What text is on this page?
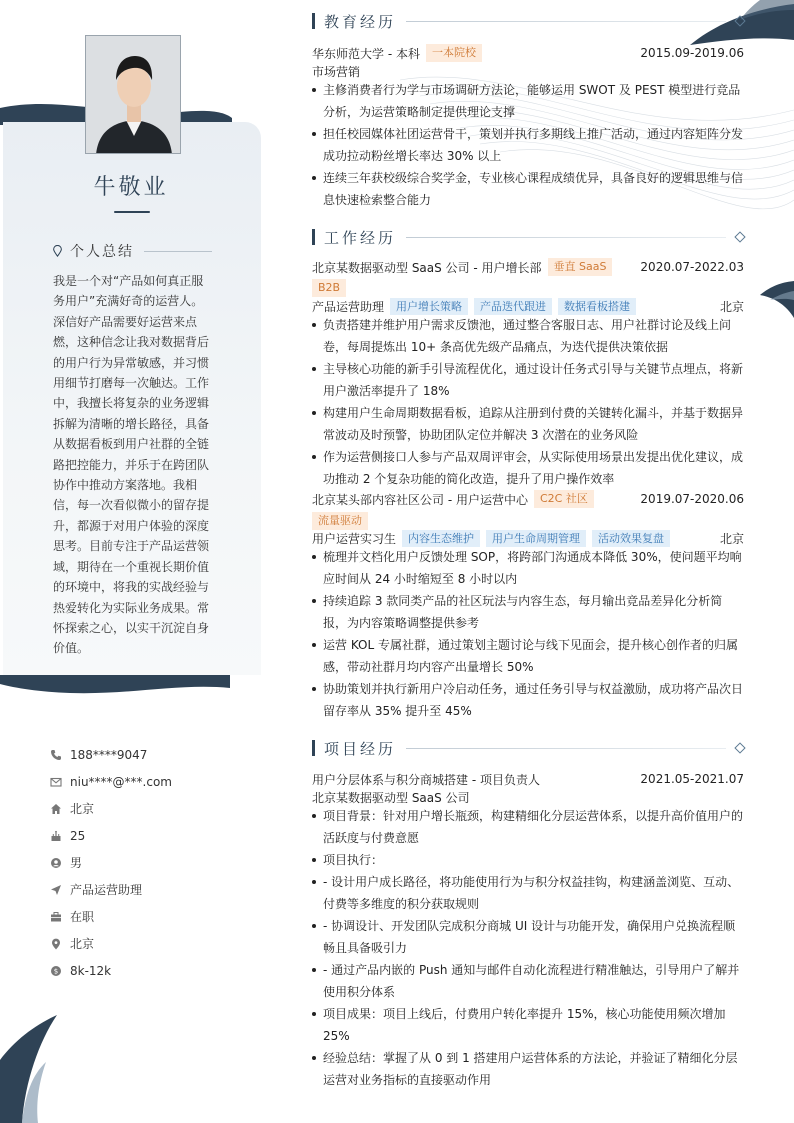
牛敬业
个人总结
我是一个对“产品如何真正服务用户”充满好奇的运营人。深信好产品需要好运营来点燃，这种信念让我对数据背后的用户行为异常敏感，并习惯用细节打磨每一次触达。工作中，我擅长将复杂的业务逻辑拆解为清晰的增长路径，具备从数据看板到用户社群的全链路把控能力，并乐于在跨团队协作中推动方案落地。我相信，每一次看似微小的留存提升，都源于对用户体验的深度思考。目前专注于产品运营领域，期待在一个重视长期价值的环境中，将我的实战经验与热爱转化为实际业务成果。常怀探索之心，以实干沉淀自身价值。
188****9047
niu****@***.com
北京
25
男
产品运营助理
在职
北京
$ 8k-12k
教育经历
华东师范大学 - 本科	一本院校	2015.09-2019.06
市场营销
主修消费者行为学与市场调研方法论，能够运用 SWOT 及 PEST 模型进行竞品分析，为运营策略制定提供理论支撑
担任校园媒体社团运营骨干，策划并执行多期线上推广活动，通过内容矩阵分发成功拉动粉丝增长率达 30% 以上
连续三年获校级综合奖学金，专业核心课程成绩优异，具备良好的逻辑思维与信息快速检索整合能力
工作经历
北京某数据驱动型 SaaS 公司 - 用户增长部	垂直 SaaS	2020.07-2022.03
B2B
产品运营助理	用户增长策略	产品迭代跟进	数据看板搭建	北京
负责搭建并维护用户需求反馈池，通过整合客服日志、用户社群讨论及线上问卷，每周提炼出 10+ 条高优先级产品痛点，为迭代提供决策依据
主导核心功能的新手引导流程优化，通过设计任务式引导与关键节点埋点，将新用户激活率提升了 18%
构建用户生命周期数据看板，追踪从注册到付费的关键转化漏斗，并基于数据异常波动及时预警，协助团队定位并解决 3 次潜在的业务风险
作为运营侧接口人参与产品双周评审会，从实际使用场景出发提出优化建议，成功推动 2 个复杂功能的简化改造，提升了用户操作效率
北京某头部内容社区公司 - 用户运营中心	C2C 社区	2019.07-2020.06
流量驱动
用户运营实习生	内容生态维护	用户生命周期管理	活动效果复盘	北京
梳理并文档化用户反馈处理 SOP，将跨部门沟通成本降低 30%，使问题平均响应时间从 24 小时缩短至 8 小时以内
持续追踪 3 款同类产品的社区玩法与内容生态，每月输出竞品差异化分析简报，为内容策略调整提供参考
运营 KOL 专属社群，通过策划主题讨论与线下见面会，提升核心创作者的归属感，带动社群月均内容产出量增长 50%
协助策划并执行新用户冷启动任务，通过任务引导与权益激励，成功将产品次日留存率从 35% 提升至 45%
项目经历
用户分层体系与积分商城搭建 - 项目负责人	2021.05-2021.07
北京某数据驱动型 SaaS 公司
项目背景：针对用户增长瓶颈，构建精细化分层运营体系，以提升高价值用户的活跃度与付费意愿
项目执行：
- 设计用户成长路径，将功能使用行为与积分权益挂钩，构建涵盖浏览、互动、付费等多维度的积分获取规则
- 协调设计、开发团队完成积分商城 UI 设计与功能开发，确保用户兑换流程顺畅且具备吸引力
- 通过产品内嵌的 Push 通知与邮件自动化流程进行精准触达，引导用户了解并使用积分体系
项目成果：项目上线后，付费用户转化率提升 15%，核心功能使用频次增加 25%
经验总结：掌握了从 0 到 1 搭建用户运营体系的方法论，并验证了精细化分层运营对业务指标的直接驱动作用
